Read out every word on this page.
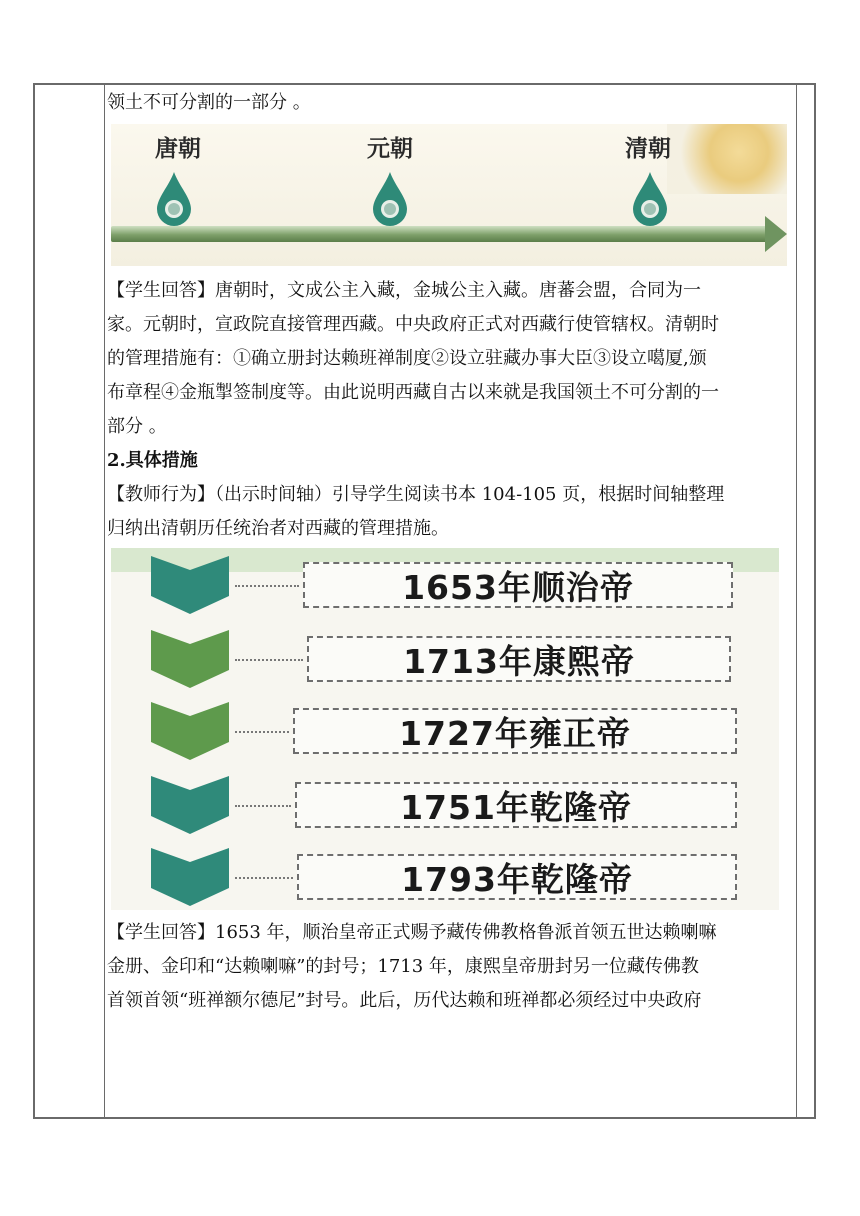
领土不可分割的一部分 。

唐朝	元朝	清朝

【学生回答】唐朝时，文成公主入藏，金城公主入藏。唐蕃会盟，合同为一

家。元朝时，宣政院直接管理西藏。中央政府正式对西藏行使管辖权。清朝时

的管理措施有：①确立册封达赖班禅制度②设立驻藏办事大臣③设立噶厦,颁

布章程④金瓶掣签制度等。由此说明西藏自古以来就是我国领土不可分割的一

部分 。

2.具体措施

【教师行为】（出示时间轴）引导学生阅读书本 104-105 页，根据时间轴整理

归纳出清朝历任统治者对西藏的管理措施。

1653年顺治帝
1713年康熙帝
1727年雍正帝
1751年乾隆帝
1793年乾隆帝

【学生回答】1653 年，顺治皇帝正式赐予藏传佛教格鲁派首领五世达赖喇嘛

金册、金印和“达赖喇嘛”的封号；1713 年，康熙皇帝册封另一位藏传佛教

首领首领“班禅额尔德尼”封号。此后，历代达赖和班禅都必须经过中央政府
